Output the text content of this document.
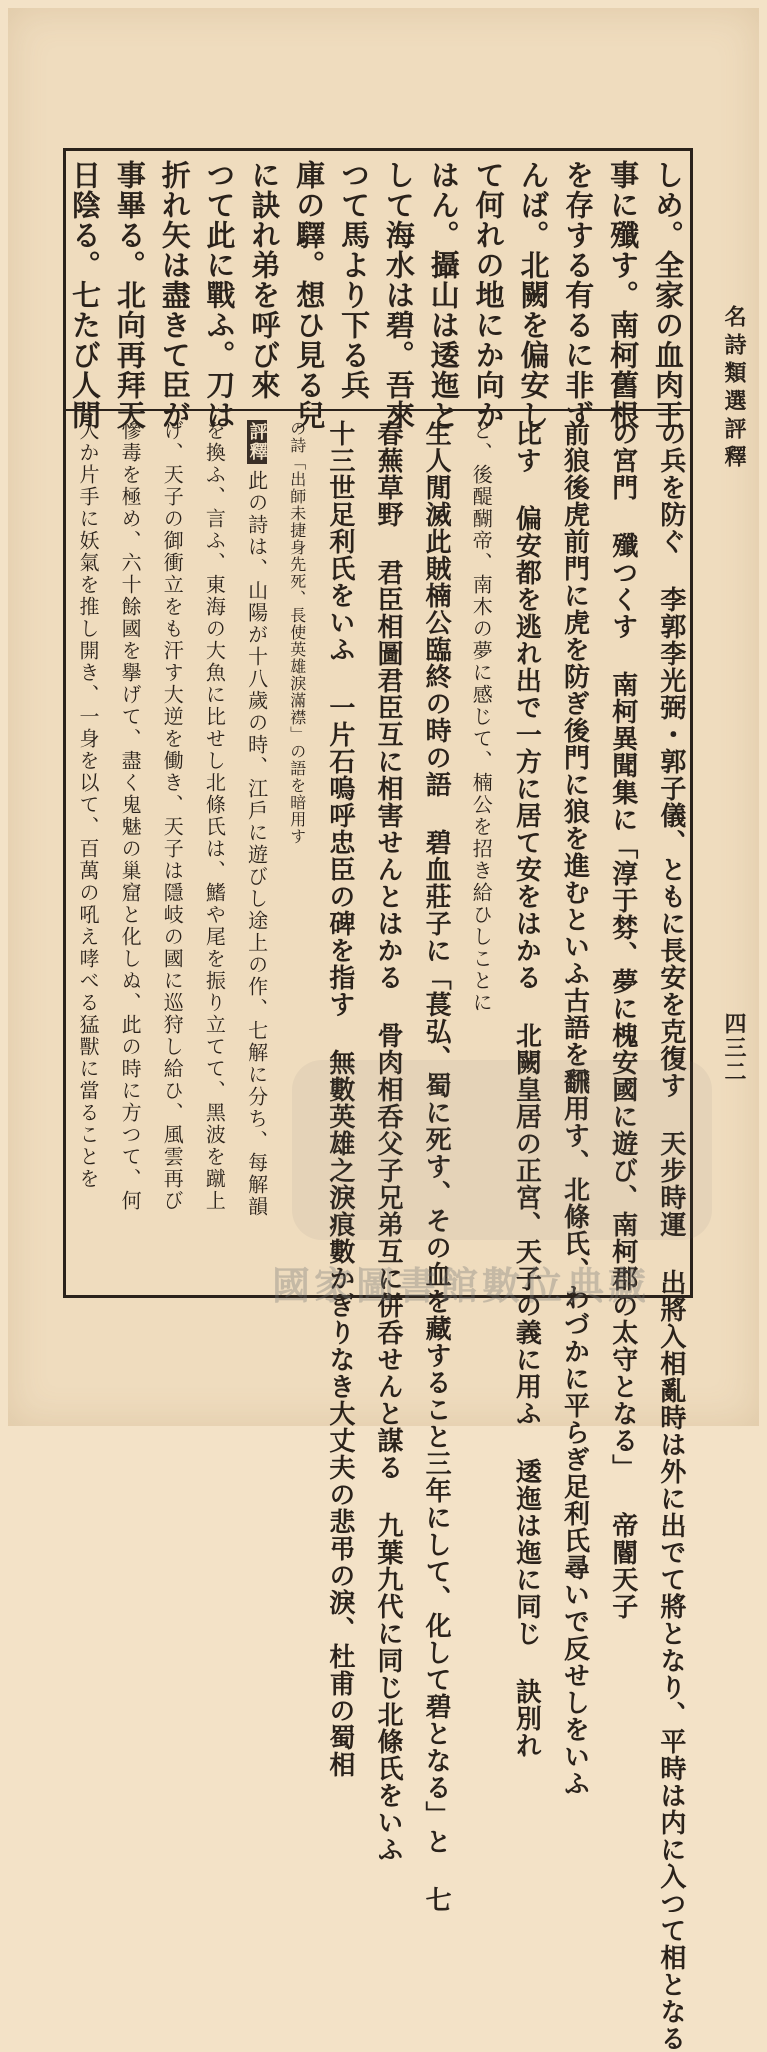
名詩類選評釋
四三二
しめ。全家の血肉王
事に殲す。南柯舊根
を存する有るに非ず
んば。北闕を偏安し
て何れの地にか向か
はん。攝山は逶迤と
して海水は碧。吾來
つて馬より下る兵
庫の驛。想ひ見る兒
に訣れ弟を呼び來
つて此に戰ふ。刀は
折れ矢は盡きて臣が
事畢る。北向再拜天
日陰る。七たび人閒
の兵を防ぐ 李郭李光弼・郭子儀、ともに長安を克復す 天步時運 出將入相亂時は外に出でて將となり、平時は内に入つて相となる
の宮門 殲つくす 南柯異聞集に「淳于棼、夢に槐安國に遊び、南柯郡の太守となる」 帝閽天子
前狼後虎前門に虎を防ぎ後門に狼を進むといふ古語を飜用す、北條氏、わづかに平らぎ足利氏尋いで反せしをいふ
比す 偏安都を逃れ出で一方に居て安をはかる 北闕皇居の正宮、天子の義に用ふ 逶迤は迤に同じ 訣別れ
と、後醍醐帝、南木の夢に感じて、楠公を招き給ひしことに
生人閒滅此賊楠公臨終の時の語 碧血莊子に「萇弘、蜀に死す、その血を藏すること三年にして、化して碧となる」と 七
春蕪草野 君臣相圖君臣互に相害せんとはかる 骨肉相呑父子兄弟互に併呑せんと謀る 九葉九代に同じ北條氏をいふ
十三世足利氏をいふ 一片石嗚呼忠臣の碑を指す 無數英雄之淚痕數かぎりなき大丈夫の悲弔の淚、杜甫の蜀相
の詩「出師未捷身先死、長使英雄淚滿襟」の語を暗用す
評釋此の詩は、山陽が十八歲の時、江戶に遊びし途上の作、七解に分ち、每解韻
を換ふ、言ふ、東海の大魚に比せし北條氏は、鰭や尾を振り立てて、黑波を蹴上
げ、天子の御衝立をも汗す大逆を働き、天子は隱岐の國に巡狩し給ひ、風雲再び
慘毒を極め、六十餘國を擧げて、盡く鬼魅の巢窟と化しぬ、此の時に方つて、何
人か片手に妖氣を推し開き、一身を以て、百萬の吼え哮べる猛獸に當ることを
國家圖書館數位典藏
